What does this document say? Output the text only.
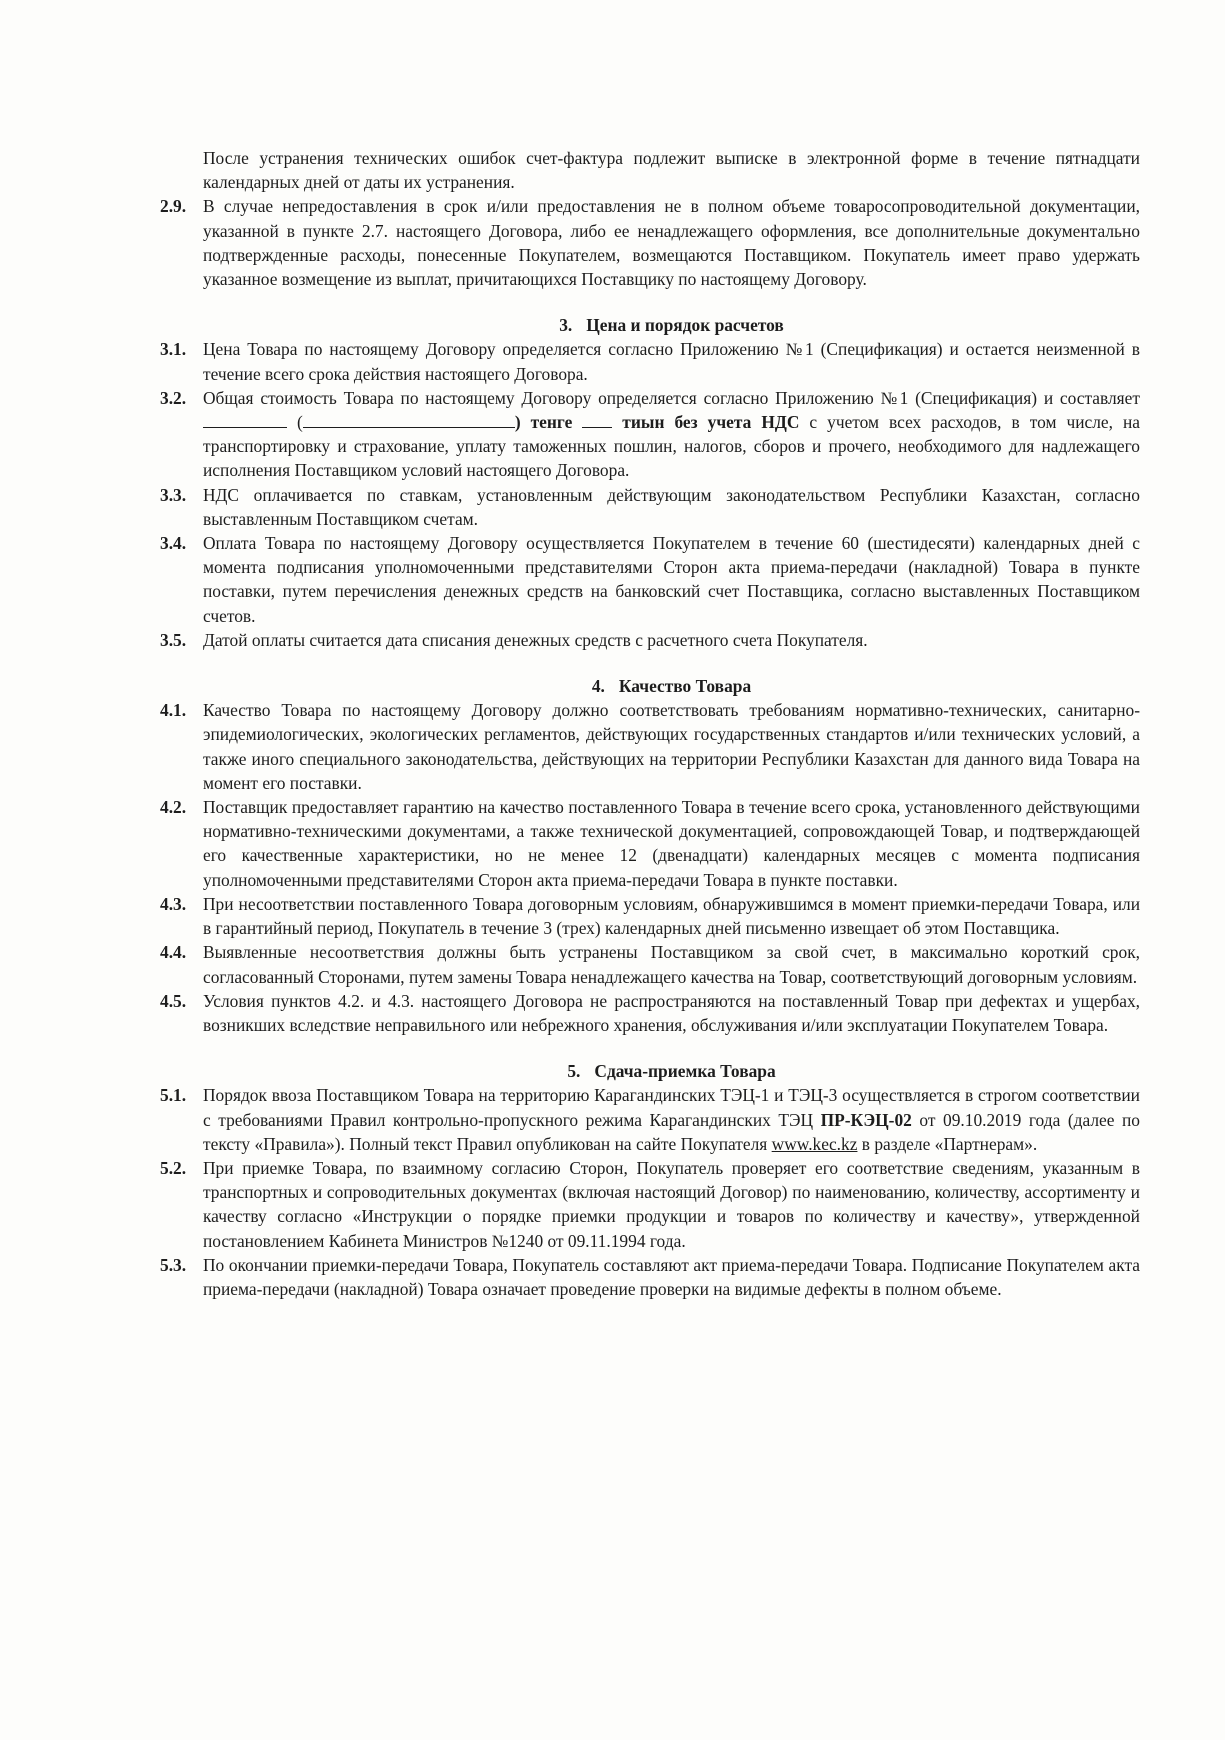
После устранения технических ошибок счет-фактура подлежит выписке в электронной форме в течение пятнадцати календарных дней от даты их устранения.
2.9. В случае непредоставления в срок и/или предоставления не в полном объеме товаросопроводительной документации, указанной в пункте 2.7. настоящего Договора, либо ее ненадлежащего оформления, все дополнительные документально подтвержденные расходы, понесенные Покупателем, возмещаются Поставщиком. Покупатель имеет право удержать указанное возмещение из выплат, причитающихся Поставщику по настоящему Договору.
3. Цена и порядок расчетов
3.1. Цена Товара по настоящему Договору определяется согласно Приложению №1 (Спецификация) и остается неизменной в течение всего срока действия настоящего Договора.
3.2. Общая стоимость Товара по настоящему Договору определяется согласно Приложению №1 (Спецификация) и составляет  (	) тенге  тиын без учета НДС с учетом всех расходов, в том числе, на транспортировку и страхование, уплату таможенных пошлин, налогов, сборов и прочего, необходимого для надлежащего исполнения Поставщиком условий настоящего Договора.
3.3. НДС оплачивается по ставкам, установленным действующим законодательством Республики Казахстан, согласно выставленным Поставщиком счетам.
3.4. Оплата Товара по настоящему Договору осуществляется Покупателем в течение 60 (шестидесяти) календарных дней с момента подписания уполномоченными представителями Сторон акта приема-передачи (накладной) Товара в пункте поставки, путем перечисления денежных средств на банковский счет Поставщика, согласно выставленных Поставщиком счетов.
3.5. Датой оплаты считается дата списания денежных средств с расчетного счета Покупателя.
4. Качество Товара
4.1. Качество Товара по настоящему Договору должно соответствовать требованиям нормативно-технических, санитарно-эпидемиологических, экологических регламентов, действующих государственных стандартов и/или технических условий, а также иного специального законодательства, действующих на территории Республики Казахстан для данного вида Товара на момент его поставки.
4.2. Поставщик предоставляет гарантию на качество поставленного Товара в течение всего срока, установленного действующими нормативно-техническими документами, а также технической документацией, сопровождающей Товар, и подтверждающей его качественные характеристики, но не менее 12 (двенадцати) календарных месяцев с момента подписания уполномоченными представителями Сторон акта приема-передачи Товара в пункте поставки.
4.3. При несоответствии поставленного Товара договорным условиям, обнаружившимся в момент приемки-передачи Товара, или в гарантийный период, Покупатель в течение 3 (трех) календарных дней письменно извещает об этом Поставщика.
4.4. Выявленные несоответствия должны быть устранены Поставщиком за свой счет, в максимально короткий срок, согласованный Сторонами, путем замены Товара ненадлежащего качества на Товар, соответствующий договорным условиям.
4.5. Условия пунктов 4.2. и 4.3. настоящего Договора не распространяются на поставленный Товар при дефектах и ущербах, возникших вследствие неправильного или небрежного хранения, обслуживания и/или эксплуатации Покупателем Товара.
5. Сдача-приемка Товара
5.1. Порядок ввоза Поставщиком Товара на территорию Карагандинских ТЭЦ-1 и ТЭЦ-3 осуществляется в строгом соответствии с требованиями Правил контрольно-пропускного режима Карагандинских ТЭЦ ПР-КЭЦ-02 от 09.10.2019 года (далее по тексту «Правила»). Полный текст Правил опубликован на сайте Покупателя www.kec.kz в разделе «Партнерам».
5.2. При приемке Товара, по взаимному согласию Сторон, Покупатель проверяет его соответствие сведениям, указанным в транспортных и сопроводительных документах (включая настоящий Договор) по наименованию, количеству, ассортименту и качеству согласно «Инструкции о порядке приемки продукции и товаров по количеству и качеству», утвержденной постановлением Кабинета Министров №1240 от 09.11.1994 года.
5.3. По окончании приемки-передачи Товара, Покупатель составляют акт приема-передачи Товара. Подписание Покупателем акта приема-передачи (накладной) Товара означает проведение проверки на видимые дефекты в полном объеме.
